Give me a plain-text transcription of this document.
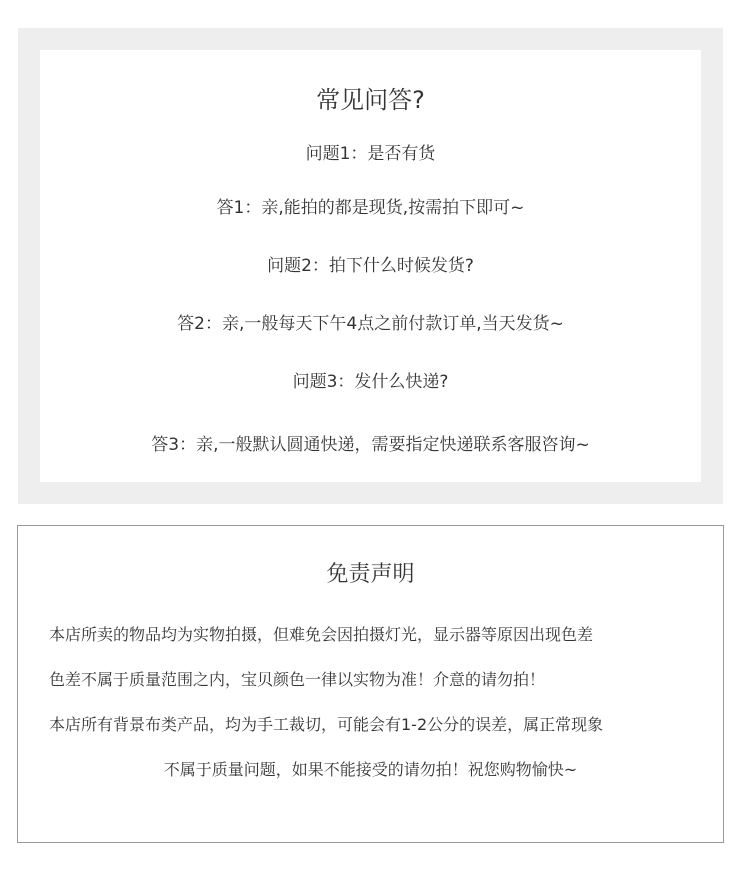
常见问答?
问题1：是否有货
答1：亲,能拍的都是现货,按需拍下即可~
问题2：拍下什么时候发货?
答2：亲,一般每天下午4点之前付款订单,当天发货~
问题3：发什么快递?
答3：亲,一般默认圆通快递，需要指定快递联系客服咨询~
免责声明
本店所卖的物品均为实物拍摄，但难免会因拍摄灯光，显示器等原因出现色差
色差不属于质量范围之内，宝贝颜色一律以实物为准！介意的请勿拍！
本店所有背景布类产品，均为手工裁切，可能会有1-2公分的误差，属正常现象
不属于质量问题，如果不能接受的请勿拍！祝您购物愉快~
